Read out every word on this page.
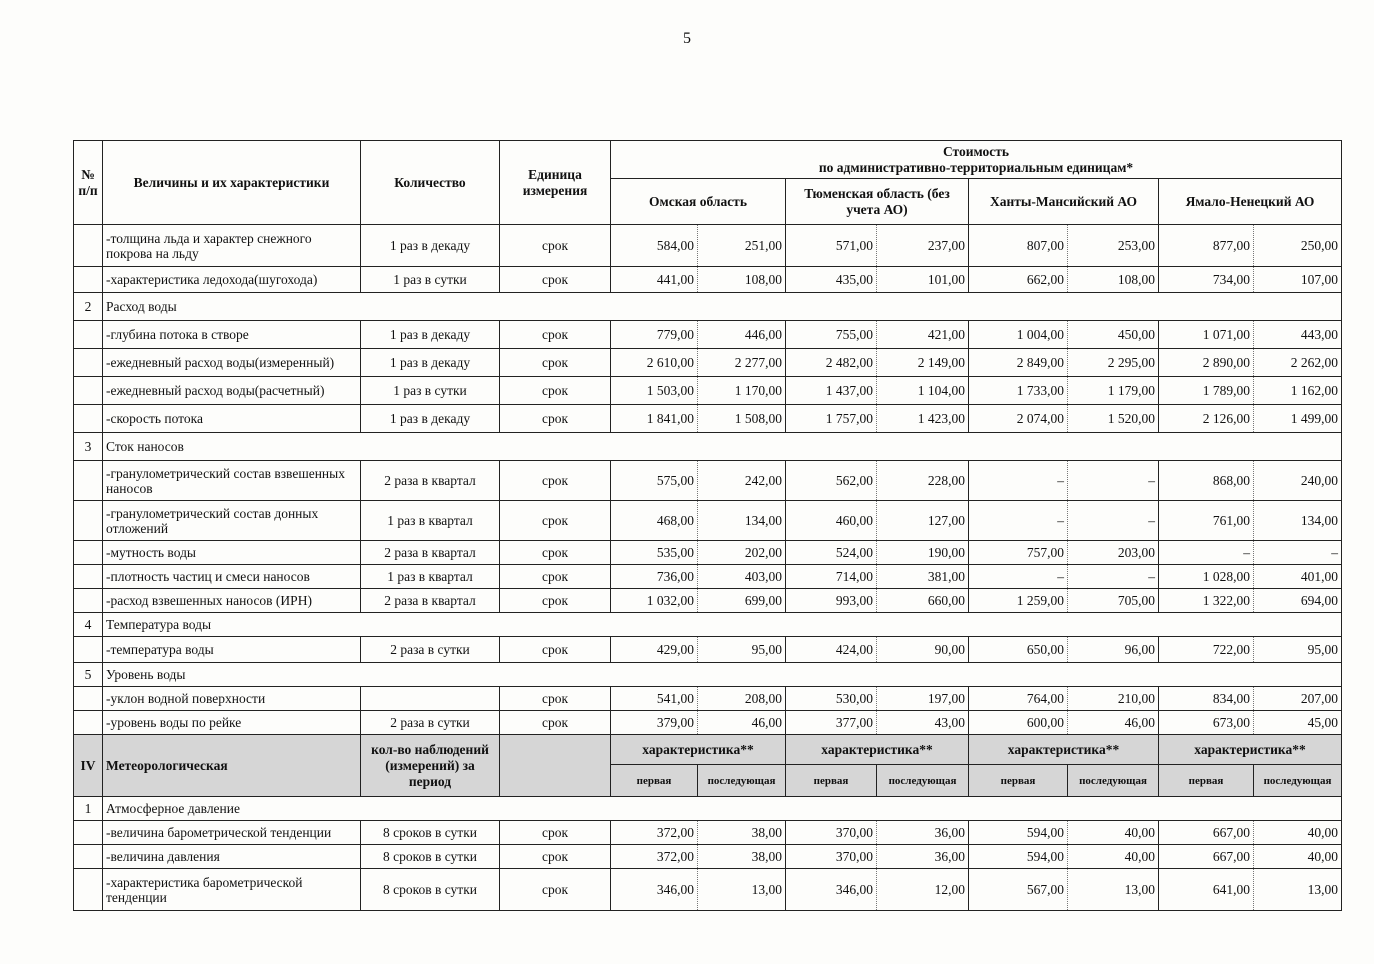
5
№ п/п	Величины и их характеристики	Количество	Единица измерения	Стоимость
по административно-территориальным единицам*							

				Омская область		Тюменская область (без учета АО)		Ханты-Мансийский АО		Ямало-Ненецкий АО	
	-толщина льда и характер снежного покрова на льду	1 раз в декаду	срок	584,00	251,00	571,00	237,00	807,00	253,00	877,00	250,00
	-характеристика ледохода(шугохода)	1 раз в сутки	срок	441,00	108,00	435,00	101,00	662,00	108,00	734,00	107,00
2	Расход воды										
	-глубина потока в створе	1 раз в декаду	срок	779,00	446,00	755,00	421,00	1 004,00	450,00	1 071,00	443,00
	-ежедневный расход воды(измеренный)	1 раз в декаду	срок	2 610,00	2 277,00	2 482,00	2 149,00	2 849,00	2 295,00	2 890,00	2 262,00
	-ежедневный расход воды(расчетный)	1 раз в сутки	срок	1 503,00	1 170,00	1 437,00	1 104,00	1 733,00	1 179,00	1 789,00	1 162,00
	-скорость потока	1 раз в декаду	срок	1 841,00	1 508,00	1 757,00	1 423,00	2 074,00	1 520,00	2 126,00	1 499,00
3	Сток наносов										
	-гранулометрический состав взвешенных наносов	2 раза в квартал	срок	575,00	242,00	562,00	228,00	–	–	868,00	240,00
	-гранулометрический состав донных отложений	1 раз в квартал	срок	468,00	134,00	460,00	127,00	–	–	761,00	134,00
	-мутность воды	2 раза в квартал	срок	535,00	202,00	524,00	190,00	757,00	203,00	–	–
	-плотность частиц и смеси наносов	1 раз в квартал	срок	736,00	403,00	714,00	381,00	–	–	1 028,00	401,00
	-расход взвешенных наносов (ИРН)	2 раза в квартал	срок	1 032,00	699,00	993,00	660,00	1 259,00	705,00	1 322,00	694,00
4	Температура воды										
	-температура воды	2 раза в сутки	срок	429,00	95,00	424,00	90,00	650,00	96,00	722,00	95,00
5	Уровень воды										
	-уклон водной поверхности		срок	541,00	208,00	530,00	197,00	764,00	210,00	834,00	207,00
	-уровень воды по рейке	2 раза в сутки	срок	379,00	46,00	377,00	43,00	600,00	46,00	673,00	45,00
IV	Метеорологическая	кол-во наблюдений (измерений) за период		характеристика**		характеристика**		характеристика**		характеристика**	
				первая	последующая	первая	последующая	первая	последующая	первая	последующая
1	Атмосферное давление										
	-величина барометрической тенденции	8 сроков в сутки	срок	372,00	38,00	370,00	36,00	594,00	40,00	667,00	40,00
	-величина давления	8 сроков в сутки	срок	372,00	38,00	370,00	36,00	594,00	40,00	667,00	40,00
	-характеристика барометрической тенденции	8 сроков в сутки	срок	346,00	13,00	346,00	12,00	567,00	13,00	641,00	13,00
